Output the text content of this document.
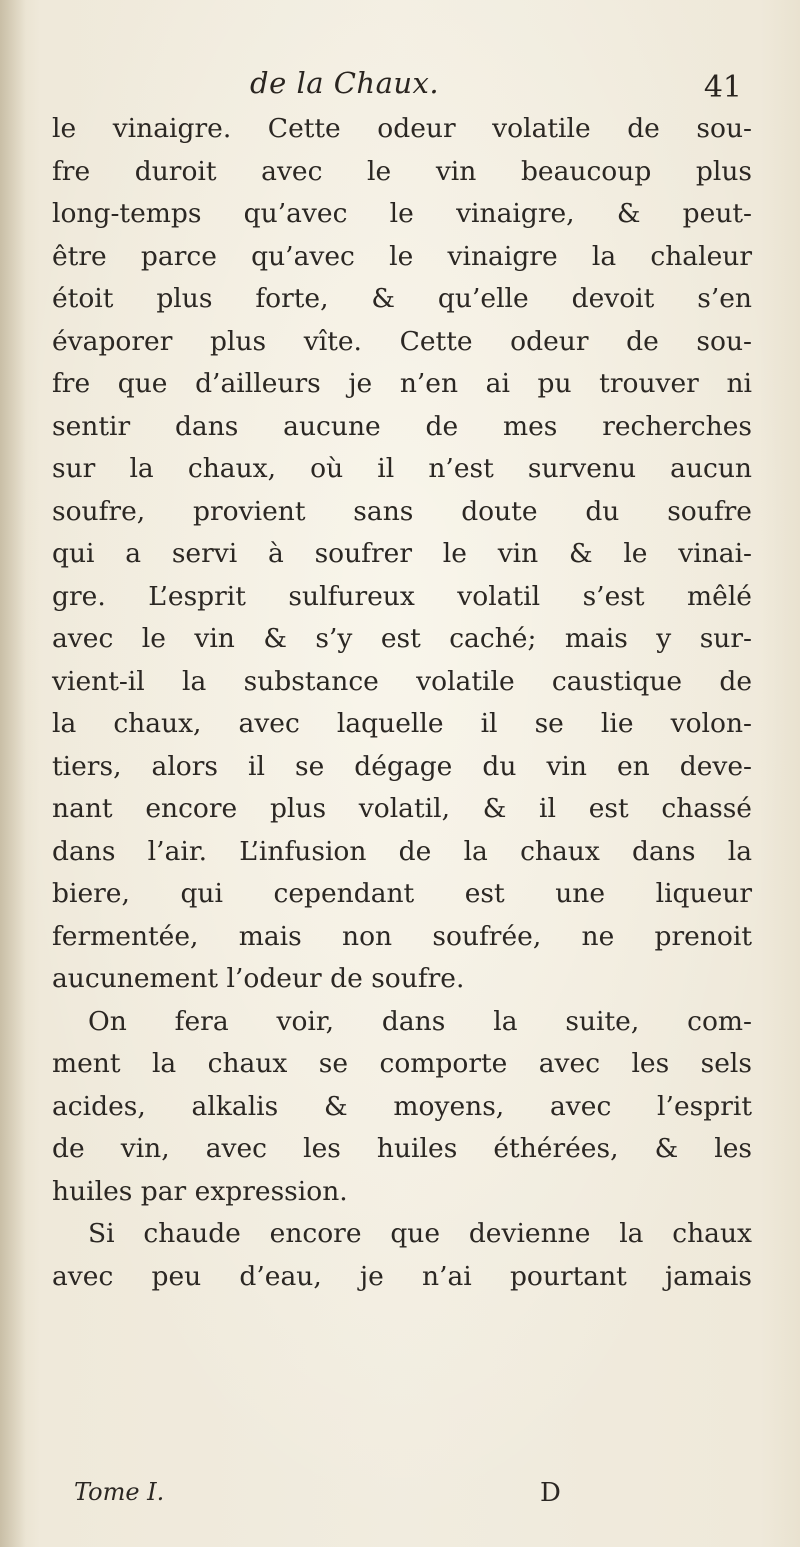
de la Chaux.	41
le vinaigre. Cette odeur volatile de sou-
fre duroit avec le vin beaucoup plus
long-temps qu’avec le vinaigre, & peut-
être parce qu’avec le vinaigre la chaleur
étoit plus forte, & qu’elle devoit s’en
évaporer plus vîte. Cette odeur de sou-
fre que d’ailleurs je n’en ai pu trouver ni
sentir dans aucune de mes recherches
sur la chaux, où il n’est survenu aucun
soufre, provient sans doute du soufre
qui a servi à soufrer le vin & le vinai-
gre. L’esprit sulfureux volatil s’est mêlé
avec le vin & s’y est caché; mais y sur-
vient-il la substance volatile caustique de
la chaux, avec laquelle il se lie volon-
tiers, alors il se dégage du vin en deve-
nant encore plus volatil, & il est chassé
dans l’air. L’infusion de la chaux dans la
biere, qui cependant est une liqueur
fermentée, mais non soufrée, ne prenoit
aucunement l’odeur de soufre.
On fera voir, dans la suite, com-
ment la chaux se comporte avec les sels
acides, alkalis & moyens, avec l’esprit
de vin, avec les huiles éthérées, & les
huiles par expression.
Si chaude encore que devienne la chaux
avec peu d’eau, je n’ai pourtant jamais
Tome I.	D
